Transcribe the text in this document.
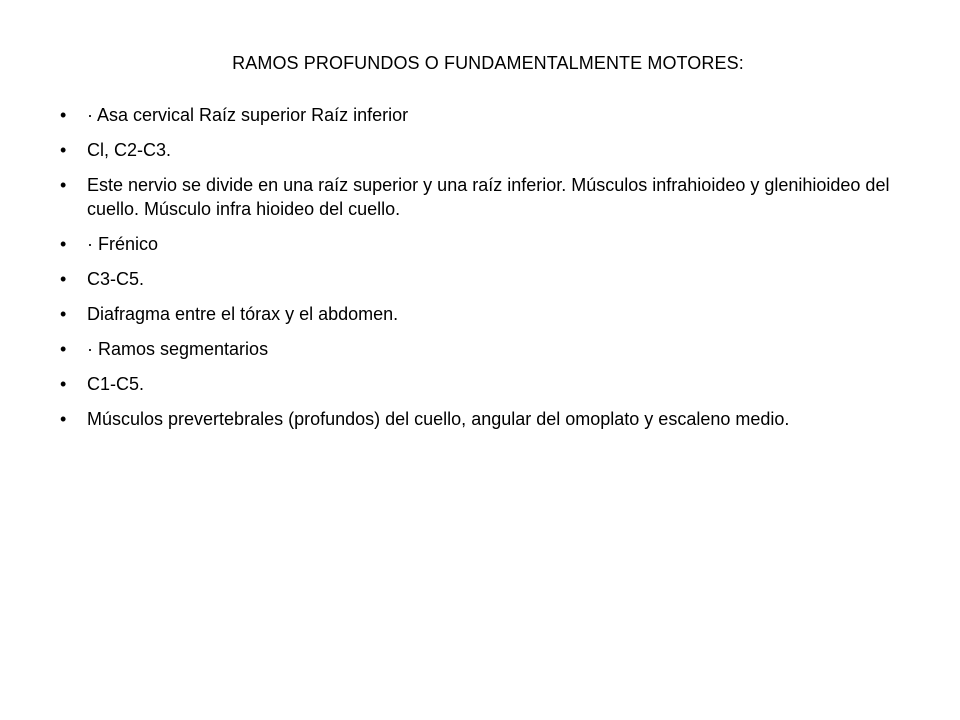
RAMOS PROFUNDOS O FUNDAMENTALMENTE MOTORES:
•	· Asa cervical Raíz superior Raíz inferior
•	Cl, C2-C3.
•	Este nervio se divide en una raíz superior y una raíz inferior. Músculos infrahioideo y glenihioideo del cuello. Músculo infra hioideo del cuello.
•	· Frénico
•	C3-C5.
•	Diafragma entre el tórax y el abdomen.
•	· Ramos segmentarios
•	C1-C5.
•	Músculos prevertebrales (profundos) del cuello, angular del omoplato y escaleno medio.
